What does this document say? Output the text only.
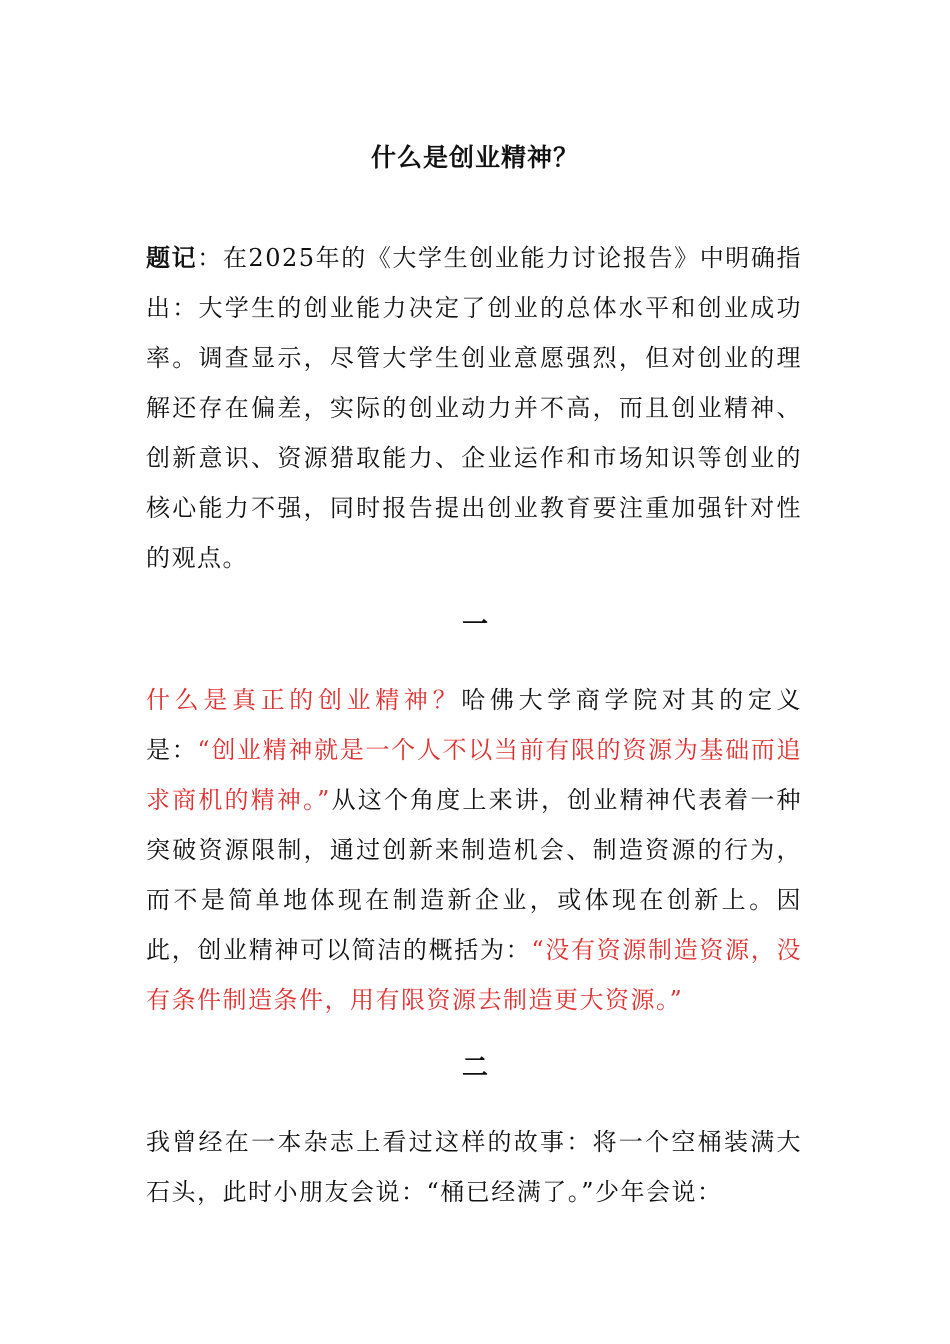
什么是创业精神？
题记：在2025年的《大学生创业能力讨论报告》中明确指出：大学生的创业能力决定了创业的总体水平和创业成功率。调查显示，尽管大学生创业意愿强烈，但对创业的理解还存在偏差，实际的创业动力并不高，而且创业精神、创新意识、资源猎取能力、企业运作和市场知识等创业的核心能力不强，同时报告提出创业教育要注重加强针对性的观点。
一
什么是真正的创业精神？哈佛大学商学院对其的定义是：“创业精神就是一个人不以当前有限的资源为基础而追求商机的精神。”从这个角度上来讲，创业精神代表着一种突破资源限制，通过创新来制造机会、制造资源的行为，而不是简单地体现在制造新企业，或体现在创新上。因此，创业精神可以简洁的概括为：“没有资源制造资源，没有条件制造条件，用有限资源去制造更大资源。”
二
我曾经在一本杂志上看过这样的故事：将一个空桶装满大石头，此时小朋友会说：“桶已经满了。”少年会说：
